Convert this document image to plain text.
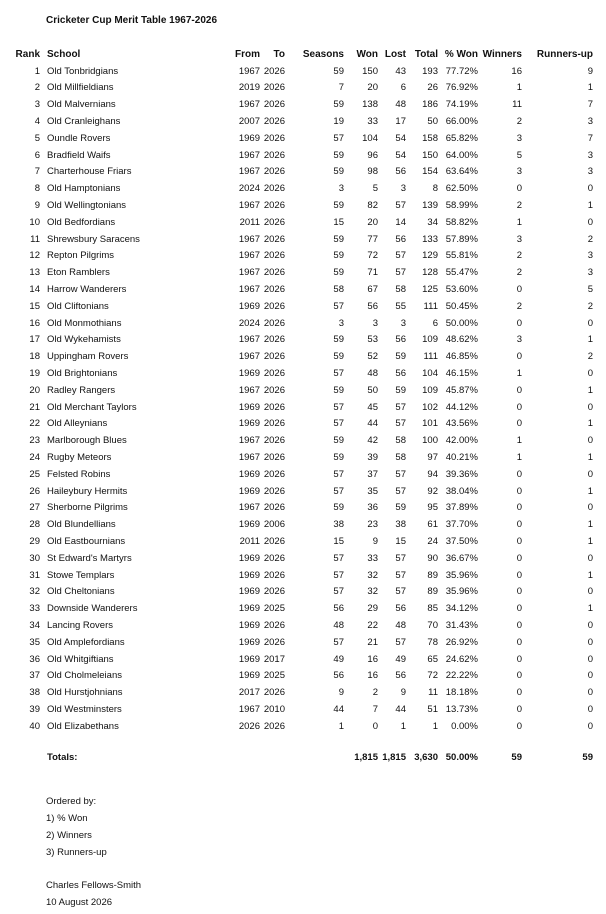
Cricketer Cup Merit Table 1967-2026
Rank	School	From	To	Seasons	Won	Lost	Total	% Won	Winners	Runners-up
1	Old Tonbridgians	1967	2026	59	150	43	193	77.72%	16	9
2	Old Millfieldians	2019	2026	7	20	6	26	76.92%	1	1
3	Old Malvernians	1967	2026	59	138	48	186	74.19%	11	7
4	Old Cranleighans	2007	2026	19	33	17	50	66.00%	2	3
5	Oundle Rovers	1969	2026	57	104	54	158	65.82%	3	7
6	Bradfield Waifs	1967	2026	59	96	54	150	64.00%	5	3
7	Charterhouse Friars	1967	2026	59	98	56	154	63.64%	3	3
8	Old Hamptonians	2024	2026	3	5	3	8	62.50%	0	0
9	Old Wellingtonians	1967	2026	59	82	57	139	58.99%	2	1
10	Old Bedfordians	2011	2026	15	20	14	34	58.82%	1	0
11	Shrewsbury Saracens	1967	2026	59	77	56	133	57.89%	3	2
12	Repton Pilgrims	1967	2026	59	72	57	129	55.81%	2	3
13	Eton Ramblers	1967	2026	59	71	57	128	55.47%	2	3
14	Harrow Wanderers	1967	2026	58	67	58	125	53.60%	0	5
15	Old Cliftonians	1969	2026	57	56	55	111	50.45%	2	2
16	Old Monmothians	2024	2026	3	3	3	6	50.00%	0	0
17	Old Wykehamists	1967	2026	59	53	56	109	48.62%	3	1
18	Uppingham Rovers	1967	2026	59	52	59	111	46.85%	0	2
19	Old Brightonians	1969	2026	57	48	56	104	46.15%	1	0
20	Radley Rangers	1967	2026	59	50	59	109	45.87%	0	1
21	Old Merchant Taylors	1969	2026	57	45	57	102	44.12%	0	0
22	Old Alleynians	1969	2026	57	44	57	101	43.56%	0	1
23	Marlborough Blues	1967	2026	59	42	58	100	42.00%	1	0
24	Rugby Meteors	1967	2026	59	39	58	97	40.21%	1	1
25	Felsted Robins	1969	2026	57	37	57	94	39.36%	0	0
26	Haileybury Hermits	1969	2026	57	35	57	92	38.04%	0	1
27	Sherborne Pilgrims	1967	2026	59	36	59	95	37.89%	0	0
28	Old Blundellians	1969	2006	38	23	38	61	37.70%	0	1
29	Old Eastbournians	2011	2026	15	9	15	24	37.50%	0	1
30	St Edward's Martyrs	1969	2026	57	33	57	90	36.67%	0	0
31	Stowe Templars	1969	2026	57	32	57	89	35.96%	0	1
32	Old Cheltonians	1969	2026	57	32	57	89	35.96%	0	0
33	Downside Wanderers	1969	2025	56	29	56	85	34.12%	0	1
34	Lancing Rovers	1969	2026	48	22	48	70	31.43%	0	0
35	Old Amplefordians	1969	2026	57	21	57	78	26.92%	0	0
36	Old Whitgiftians	1969	2017	49	16	49	65	24.62%	0	0
37	Old Cholmeleians	1969	2025	56	16	56	72	22.22%	0	0
38	Old Hurstjohnians	2017	2026	9	2	9	11	18.18%	0	0
39	Old Westminsters	1967	2010	44	7	44	51	13.73%	0	0
40	Old Elizabethans	2026	2026	1	0	1	1	0.00%	0	0

	Totals:				1,815	1,815	3,630	50.00%	59	59
Ordered by:
1) % Won
2) Winners
3) Runners-up
Charles Fellows-Smith
10 August 2026
